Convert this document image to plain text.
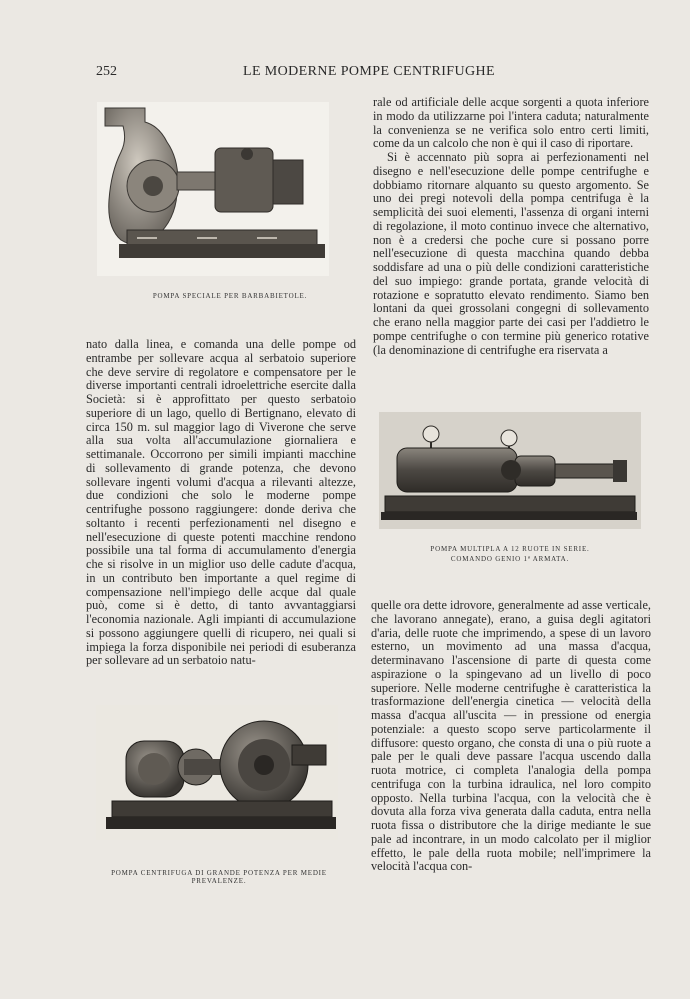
252	LE MODERNE POMPE CENTRIFUGHE
POMPA SPECIALE PER BARBABIETOLE.

nato dalla linea, e comanda una delle pompe od entrambe per sollevare acqua al serbatoio superiore che deve servire di regolatore e compensatore per le diverse importanti centrali idroelettriche esercite dalla Società: si è approfittato per questo serbatoio superiore di un lago, quello di Bertignano, elevato di circa 150 m. sul maggior lago di Viverone che serve alla sua volta all'accumulazione giornaliera e settimanale. Occorrono per simili impianti macchine di sollevamento di grande potenza, che devono sollevare ingenti volumi d'acqua a rilevanti altezze, due condizioni che solo le moderne pompe centrifughe possono raggiungere: donde deriva che soltanto i recenti perfezionamenti nel disegno e nell'esecuzione di queste potenti macchine rendono possibile una tal forma di accumulamento d'energia che si risolve in un miglior uso delle cadute d'acqua, in un contributo ben importante a quel regime di compensazione nell'impiego delle acque dal quale può, come si è detto, di tanto avvantaggiarsi l'economia nazionale. Agli impianti di accumulazione si possono aggiungere quelli di ricupero, nei quali si impiega la forza disponibile nei periodi di esuberanza per sollevare ad un serbatoio natu-

rale od artificiale delle acque sorgenti a quota inferiore in modo da utilizzarne poi l'intera caduta; naturalmente la convenienza se ne verifica solo entro certi limiti, come da un calcolo che non è qui il caso di riportare.

Si è accennato più sopra ai perfezionamenti nel disegno e nell'esecuzione delle pompe centrifughe e dobbiamo ritornare alquanto su questo argomento. Se uno dei pregi notevoli della pompa centrifuga è la semplicità dei suoi elementi, l'assenza di organi interni di regolazione, il moto continuo invece che alternativo, non è a credersi che poche cure si possano porre nell'esecuzione di questa macchina quando debba soddisfare ad una o più delle condizioni caratteristiche del suo impiego: grande portata, grande velocità di rotazione e sopratutto elevato rendimento. Siamo ben lontani da quei grossolani congegni di sollevamento che erano nella maggior parte dei casi per l'addietro le pompe centrifughe o con termine più generico rotative (la denominazione di centrifughe era riservata a

POMPA MULTIPLA A 12 RUOTE IN SERIE.
COMANDO GENIO 1ª ARMATA.

quelle ora dette idrovore, generalmente ad asse verticale, che lavorano annegate), erano, a guisa degli agitatori d'aria, delle ruote che imprimendo, a spese di un lavoro esterno, un movimento ad una massa d'acqua, determinavano l'ascensione di parte di questa come aspirazione o la spingevano ad un livello di poco superiore. Nelle moderne centrifughe è caratteristica la trasformazione dell'energia cinetica — velocità della massa d'acqua all'uscita — in pressione od energia potenziale: a questo scopo serve particolarmente il diffusore: questo organo, che consta di una o più ruote a pale per le quali deve passare l'acqua uscendo dalla ruota motrice, ci completa l'analogia della pompa centrifuga con la turbina idraulica, nel loro compito opposto. Nella turbina l'acqua, con la velocità che è dovuta alla forza viva generata dalla caduta, entra nella ruota fissa o distributore che la dirige mediante le sue pale ad incontrare, in un modo calcolato per il miglior effetto, le pale della ruota mobile; nell'imprimere la velocità l'acqua con-

POMPA CENTRIFUGA DI GRANDE POTENZA PER MEDIE PREVALENZE.
